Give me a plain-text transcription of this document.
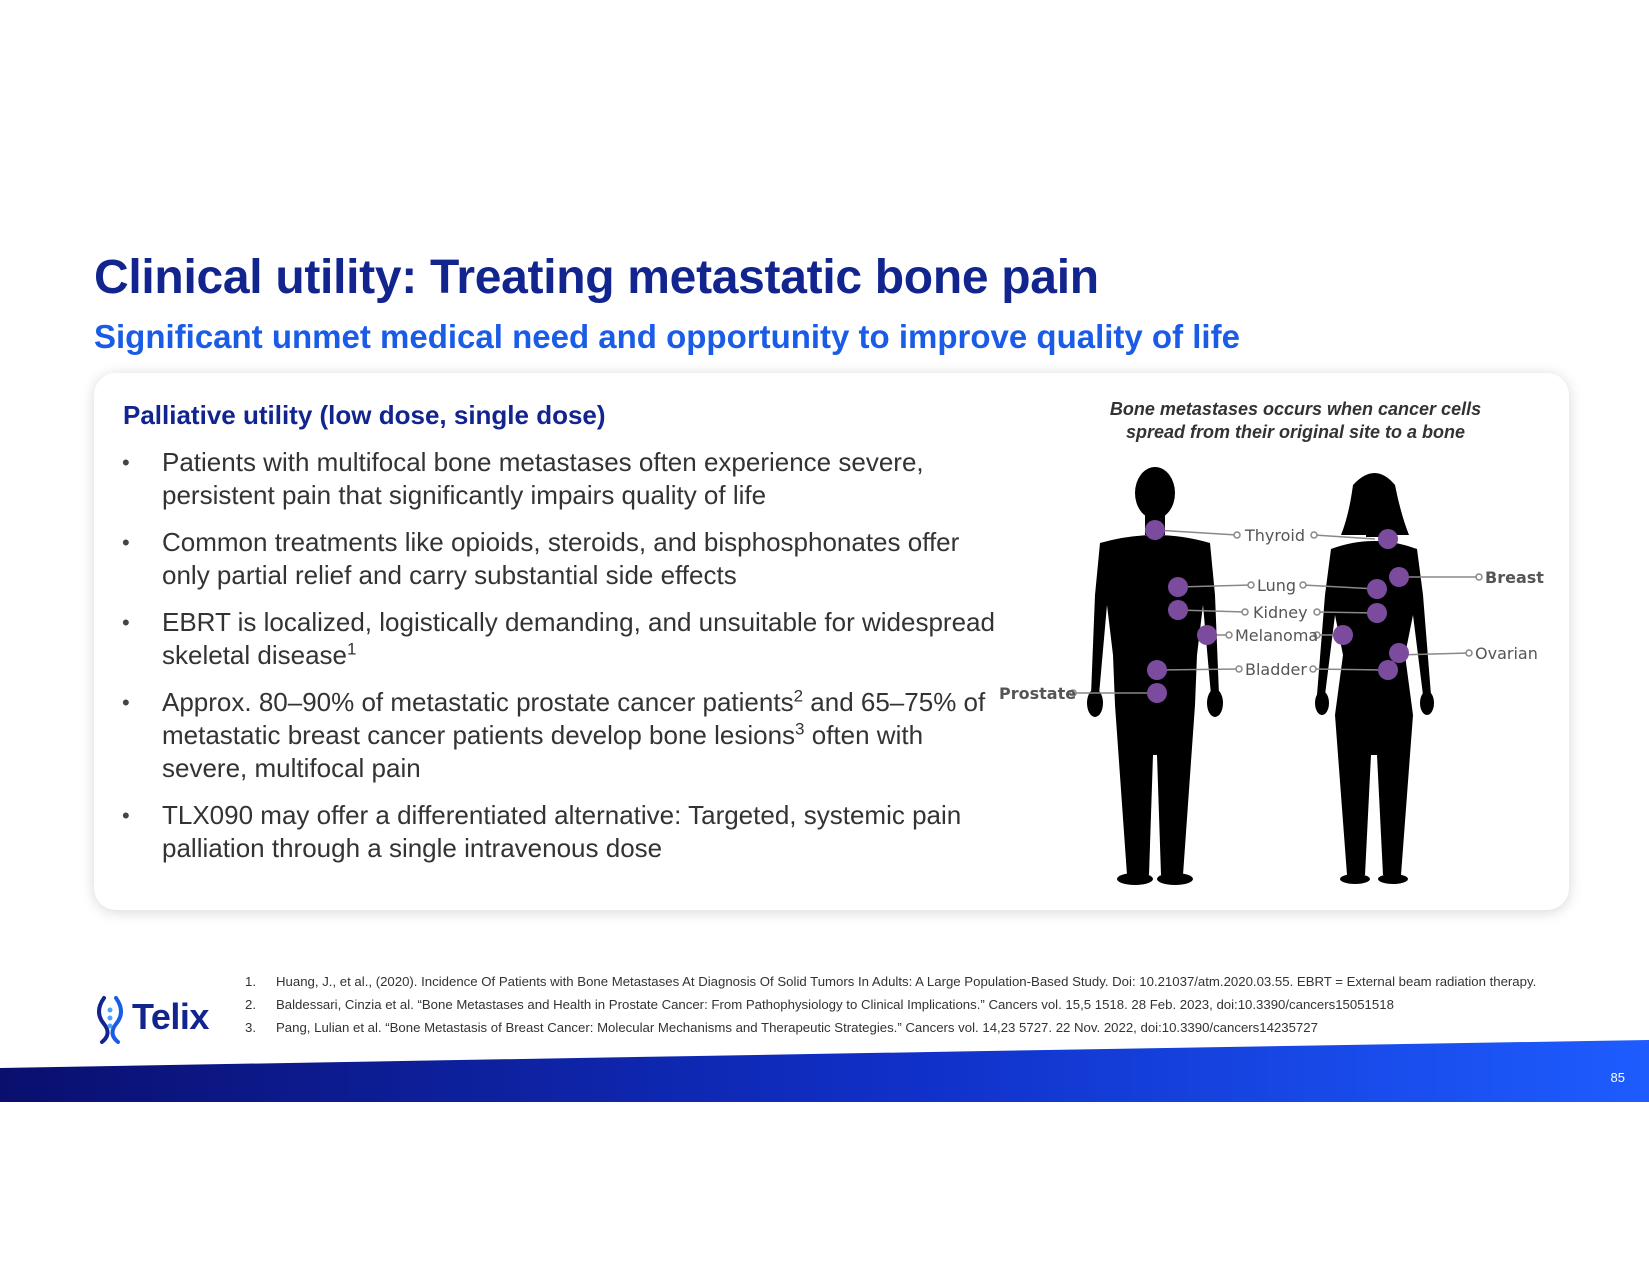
Clinical utility: Treating metastatic bone pain
Significant unmet medical need and opportunity to improve quality of life
Palliative utility (low dose, single dose)
• Patients with multifocal bone metastases often experience severe, persistent pain that significantly impairs quality of life
• Common treatments like opioids, steroids, and bisphosphonates offer only partial relief and carry substantial side effects
• EBRT is localized, logistically demanding, and unsuitable for widespread skeletal disease$^1$
• Approx. 80–90% of metastatic prostate cancer patients$^2$ and 65–75% of metastatic breast cancer patients develop bone lesions$^3$ often with severe, multifocal pain
• TLX090 may offer a differentiated alternative: Targeted, systemic pain palliation through a single intravenous dose
Bone metastases occurs when cancer cells
spread from their original site to a bone
Thyroid
Lung
Kidney
Melanoma
Bladder
Prostate
Breast
Ovarian
1.	Huang, J., et al., (2020). Incidence Of Patients with Bone Metastases At Diagnosis Of Solid Tumors In Adults: A Large Population-Based Study. Doi: 10.21037/atm.2020.03.55. EBRT = External beam radiation therapy.
2.	Baldessari, Cinzia et al. “Bone Metastases and Health in Prostate Cancer: From Pathophysiology to Clinical Implications.” Cancers vol. 15,5 1518. 28 Feb. 2023, doi:10.3390/cancers15051518
3.	Pang, Lulian et al. “Bone Metastasis of Breast Cancer: Molecular Mechanisms and Therapeutic Strategies.” Cancers vol. 14,23 5727. 22 Nov. 2022, doi:10.3390/cancers14235727
Telix
85
